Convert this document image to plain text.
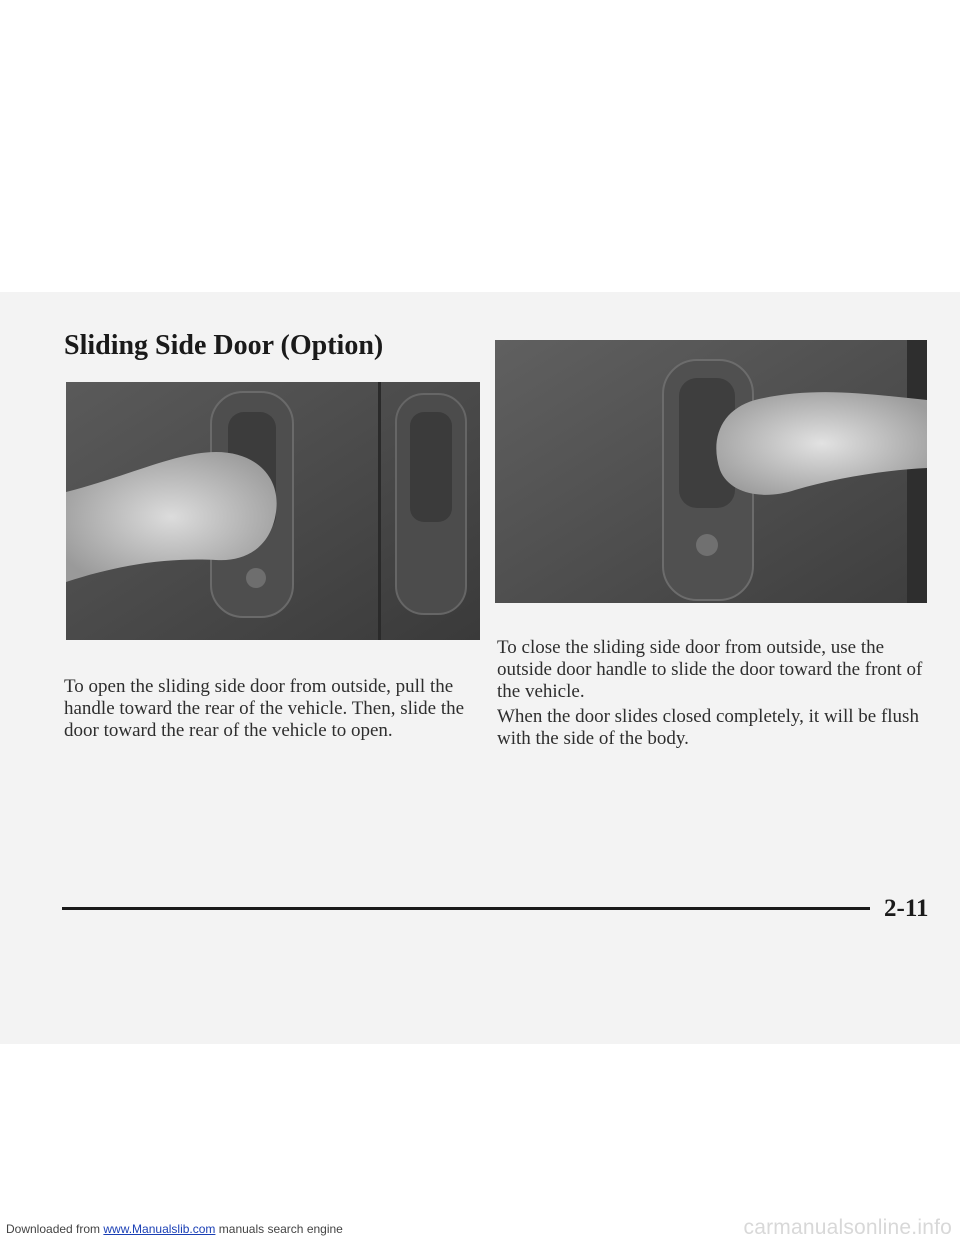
Downloaded from www.Manualslib.com manuals search engine	carmanualsonline.info
Sliding Side Door (Option)

To open the sliding side door from outside, pull the handle toward the rear of the vehicle. Then, slide the door toward the rear of the vehicle to open.

To close the sliding side door from outside, use the outside door handle to slide the door toward the front of the vehicle.

When the door slides closed completely, it will be flush with the side of the body.

2-11
